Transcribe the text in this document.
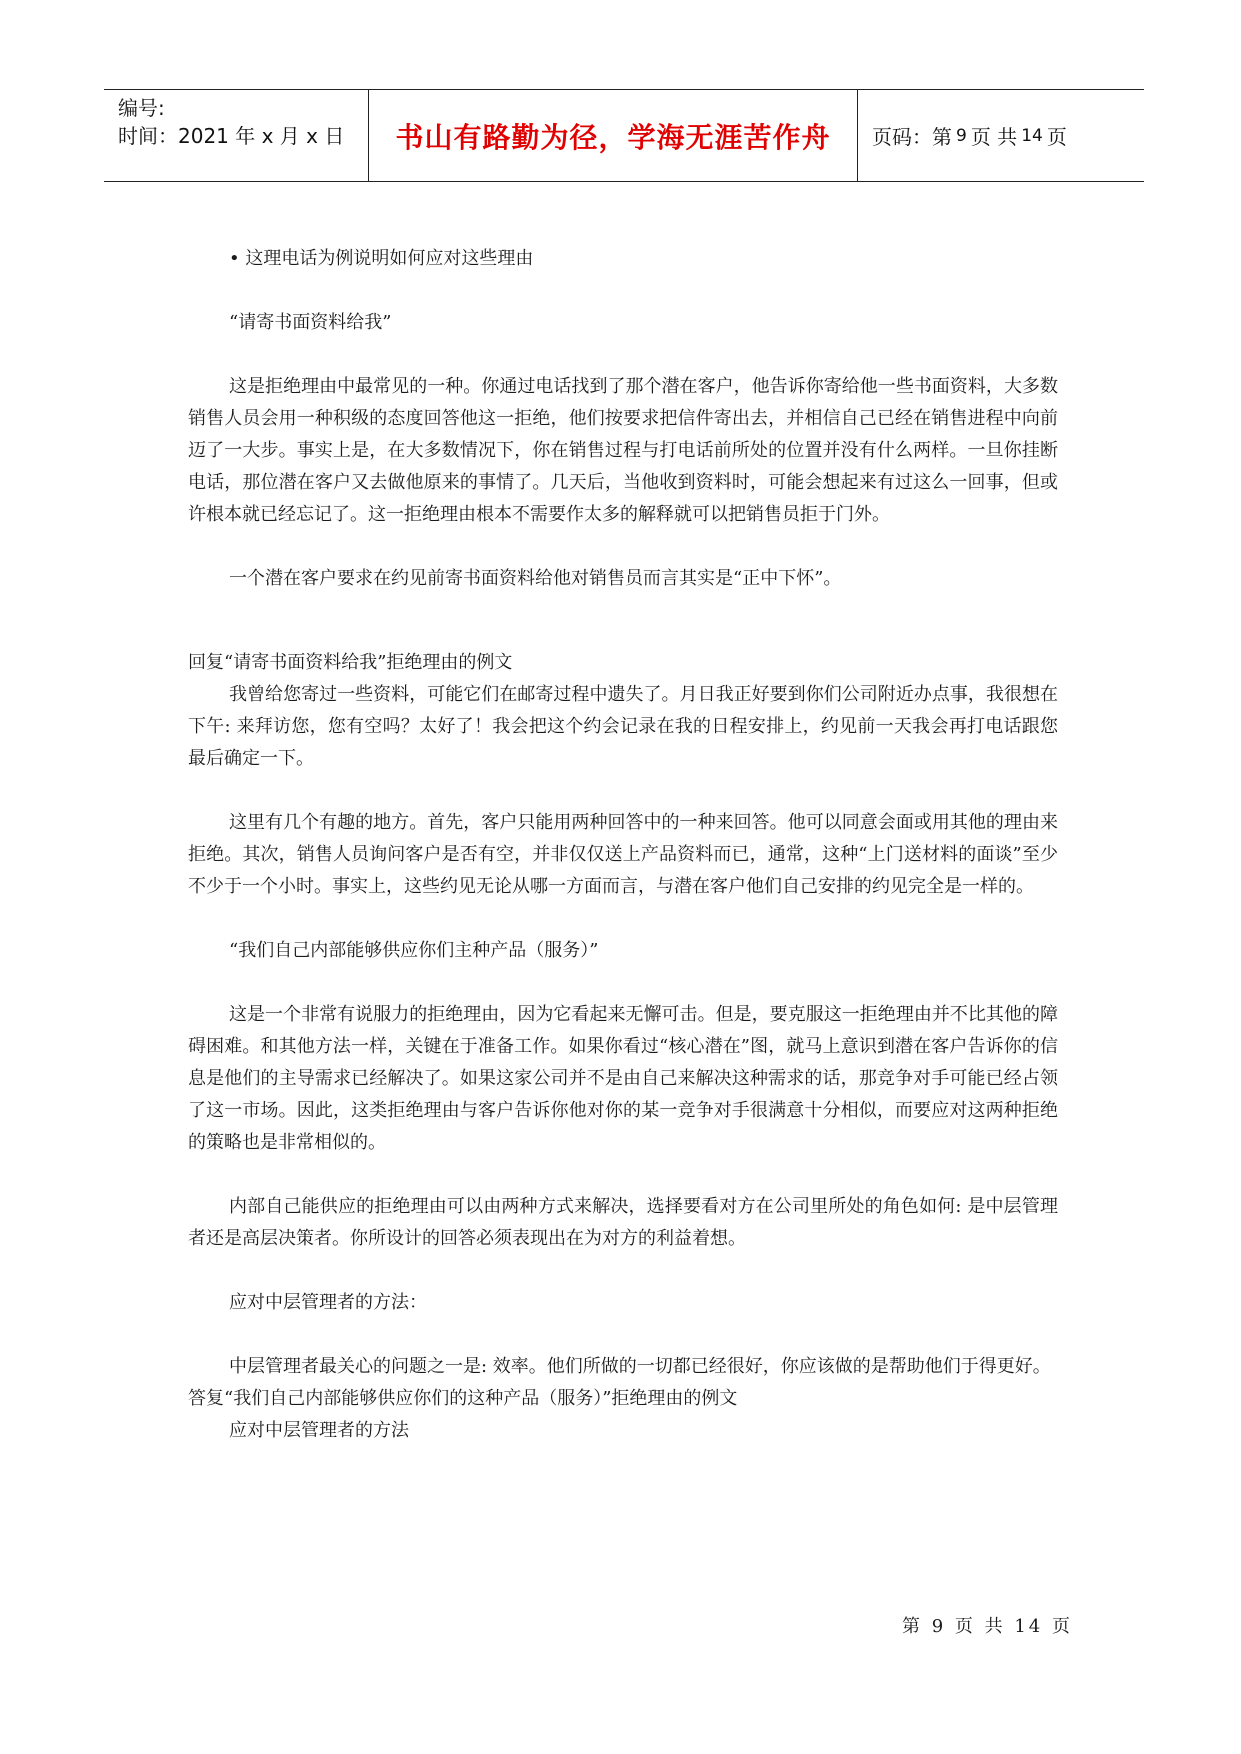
编号:
时间：2021 年 x 月 x 日	书山有路勤为径，学海无涯苦作舟	页码：第 9 页 共 14 页

• 这理电话为例说明如何应对这些理由

“请寄书面资料给我”

这是拒绝理由中最常见的一种。你通过电话找到了那个潜在客户，他告诉你寄给他一些书面资料，大多数销售人员会用一种积级的态度回答他这一拒绝，他们按要求把信件寄出去，并相信自己已经在销售进程中向前迈了一大步。事实上是，在大多数情况下，你在销售过程与打电话前所处的位置并没有什么两样。一旦你挂断电话，那位潜在客户又去做他原来的事情了。几天后，当他收到资料时，可能会想起来有过这么一回事，但或许根本就已经忘记了。这一拒绝理由根本不需要作太多的解释就可以把销售员拒于门外。

一个潜在客户要求在约见前寄书面资料给他对销售员而言其实是“正中下怀”。

回复“请寄书面资料给我”拒绝理由的例文

我曾给您寄过一些资料，可能它们在邮寄过程中遗失了。月日我正好要到你们公司附近办点事，我很想在下午: 来拜访您，您有空吗？太好了！我会把这个约会记录在我的日程安排上，约见前一天我会再打电话跟您最后确定一下。

这里有几个有趣的地方。首先，客户只能用两种回答中的一种来回答。他可以同意会面或用其他的理由来拒绝。其次，销售人员询问客户是否有空，并非仅仅送上产品资料而已，通常，这种“上门送材料的面谈”至少不少于一个小时。事实上，这些约见无论从哪一方面而言，与潜在客户他们自己安排的约见完全是一样的。

“我们自己内部能够供应你们主种产品（服务）”

这是一个非常有说服力的拒绝理由，因为它看起来无懈可击。但是，要克服这一拒绝理由并不比其他的障碍困难。和其他方法一样，关键在于准备工作。如果你看过“核心潜在”图，就马上意识到潜在客户告诉你的信息是他们的主导需求已经解决了。如果这家公司并不是由自己来解决这种需求的话，那竞争对手可能已经占领了这一市场。因此，这类拒绝理由与客户告诉你他对你的某一竞争对手很满意十分相似，而要应对这两种拒绝的策略也是非常相似的。

内部自己能供应的拒绝理由可以由两种方式来解决，选择要看对方在公司里所处的角色如何: 是中层管理者还是高层决策者。你所设计的回答必须表现出在为对方的利益着想。

应对中层管理者的方法：

中层管理者最关心的问题之一是: 效率。他们所做的一切都已经很好，你应该做的是帮助他们于得更好。

答复“我们自己内部能够供应你们的这种产品（服务）”拒绝理由的例文

应对中层管理者的方法

第 9 页 共 14 页
